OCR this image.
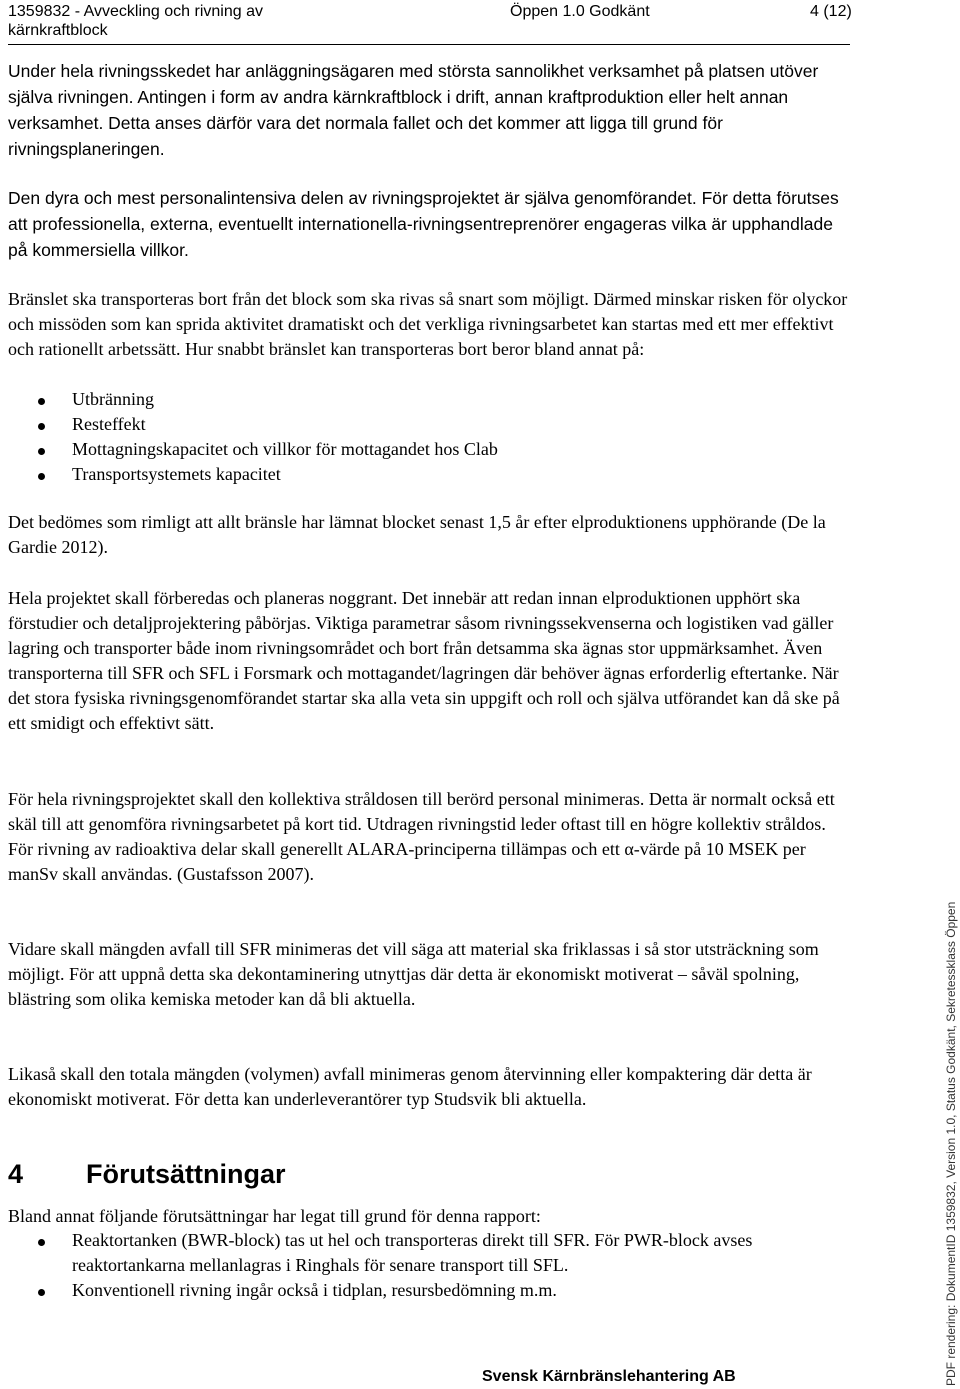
1359832 - Avveckling och rivning av
kärnkraftblock
Öppen 1.0 Godkänt	4 (12)
Under hela rivningsskedet har anläggningsägaren med största sannolikhet verksamhet på platsen utöver själva rivningen. Antingen i form av andra kärnkraftblock i drift, annan kraftproduktion eller helt annan verksamhet. Detta anses därför vara det normala fallet och det kommer att ligga till grund för rivningsplaneringen.
Den dyra och mest personalintensiva delen av rivningsprojektet är själva genomförandet. För detta förutses att professionella, externa, eventuellt internationella-rivningsentreprenörer engageras vilka är upphandlade på kommersiella villkor.
Bränslet ska transporteras bort från det block som ska rivas så snart som möjligt. Därmed minskar risken för olyckor och missöden som kan sprida aktivitet dramatiskt och det verkliga rivningsarbetet kan startas med ett mer effektivt och rationellt arbetssätt. Hur snabbt bränslet kan transporteras bort beror bland annat på:
Utbränning
Resteffekt
Mottagningskapacitet och villkor för mottagandet hos Clab
Transportsystemets kapacitet
Det bedömes som rimligt att allt bränsle har lämnat blocket senast 1,5 år efter elproduktionens upphörande (De la Gardie 2012).
Hela projektet skall förberedas och planeras noggrant. Det innebär att redan innan elproduktionen upphört ska förstudier och detaljprojektering påbörjas. Viktiga parametrar såsom rivningssekvenserna och logistiken vad gäller lagring och transporter både inom rivningsområdet och bort från detsamma ska ägnas stor uppmärksamhet. Även transporterna till SFR och SFL i Forsmark och mottagandet/lagringen där behöver ägnas erforderlig eftertanke. När det stora fysiska rivningsgenomförandet startar ska alla veta sin uppgift och roll och själva utförandet kan då ske på ett smidigt och effektivt sätt.
För hela rivningsprojektet skall den kollektiva stråldosen till berörd personal minimeras. Detta är normalt också ett skäl till att genomföra rivningsarbetet på kort tid. Utdragen rivningstid leder oftast till en högre kollektiv stråldos. För rivning av radioaktiva delar skall generellt ALARA-principerna tillämpas och ett α-värde på 10 MSEK per manSv skall användas. (Gustafsson 2007).
Vidare skall mängden avfall till SFR minimeras det vill säga att material ska friklassas i så stor utsträckning som möjligt. För att uppnå detta ska dekontaminering utnyttjas där detta är ekonomiskt motiverat – såväl spolning, blästring som olika kemiska metoder kan då bli aktuella.
Likaså skall den totala mängden (volymen) avfall minimeras genom återvinning eller kompaktering där detta är ekonomiskt motiverat. För detta kan underleverantörer typ Studsvik bli aktuella.
4 Förutsättningar
Bland annat följande förutsättningar har legat till grund för denna rapport:
Reaktortanken (BWR-block) tas ut hel och transporteras direkt till SFR. För PWR-block avses reaktortankarna mellanlagras i Ringhals för senare transport till SFL.
Konventionell rivning ingår också i tidplan, resursbedömning m.m.
Svensk Kärnbränslehantering AB	PDF rendering: DokumentID 1359832, Version 1.0, Status Godkänt, Sekretessklass Öppen
